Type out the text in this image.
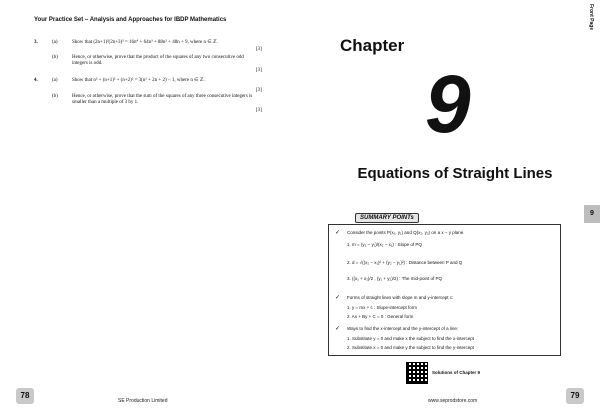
Your Practice Set – Analysis and Approaches for IBDP Mathematics
3.	(a)	Show that (2n+1)²(2n+3)² = 16n⁴ + 64n³ + 88n² + 48n + 9, where n ∈ ℤ.
[3]
(b)	Hence, or otherwise, prove that the product of the squares of any two consecutive odd integers is odd.
[3]
4.	(a)	Show that n² + (n+1)² + (n+2)² = 3(n² + 2n + 2) − 1, where n ∈ ℤ.
[3]
(b)	Hence, or otherwise, prove that the sum of the squares of any three consecutive integers is smaller than a multiple of 3 by 1.
[3]
78
SE Production Limited
Front Page
Chapter
9
Equations of Straight Lines
9
✓ Consider the points P(x₁, y₁) and Q(x₂, y₂) on a x − y plane.
1. m = (y₂ − y₁)/(x₂ − x₁) : Slope of PQ
2. d = √((x₂ − x₁)² + (y₂ − y₁)²) : Distance between P and Q
3. ((x₁ + x₂)/2 , (y₁ + y₂)/2) : The mid-point of PQ
✓ Forms of straight lines with slope m and y-intercept c:
1. y = mx + c : Slope-intercept form
2. Ax + By + C = 0 : General form
✓ Ways to find the x-intercept and the y-intercept of a line:
1. Substitute y = 0 and make x the subject to find the x-intercept
2. Substitute x = 0 and make y the subject to find the y-intercept
SUMMARY POINTs
Solutions of Chapter 9
79
www.seprodstore.com
